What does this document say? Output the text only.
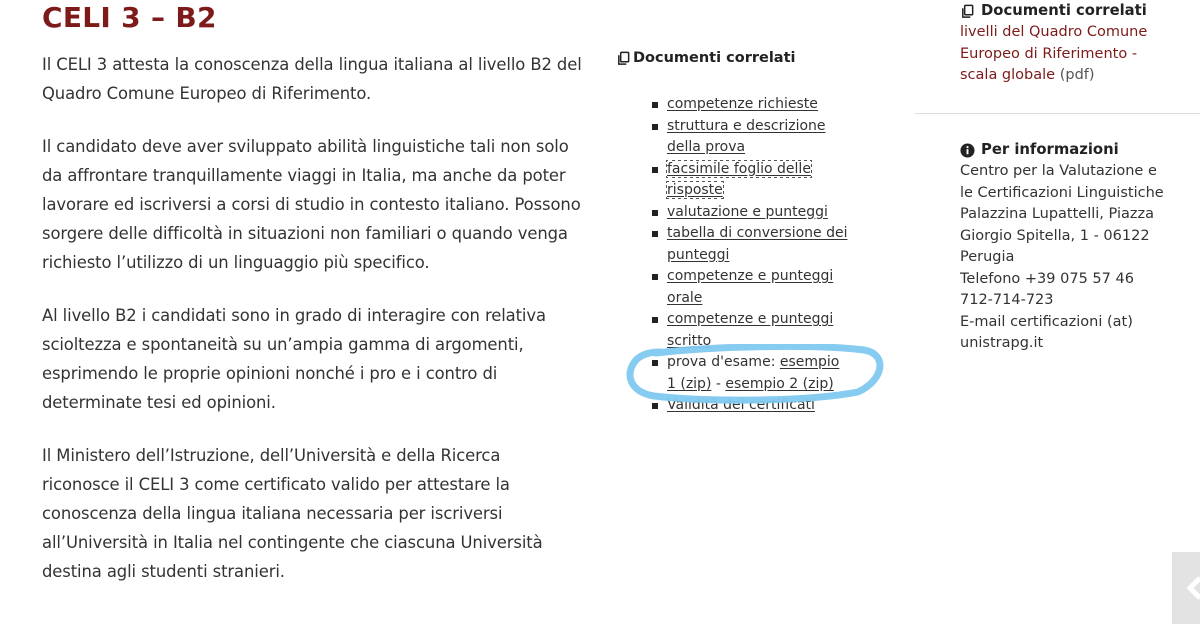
CELI 3 – B2

Il CELI 3 attesta la conoscenza della lingua italiana al livello B2 del Quadro Comune Europeo di Riferimento.

Il candidato deve aver sviluppato abilità linguistiche tali non solo da affrontare tranquillamente viaggi in Italia, ma anche da poter lavorare ed iscriversi a corsi di studio in contesto italiano. Possono sorgere delle difficoltà in situazioni non familiari o quando venga richiesto l’utilizzo di un linguaggio più specifico.

Al livello B2 i candidati sono in grado di interagire con relativa scioltezza e spontaneità su un’ampia gamma di argomenti, esprimendo le proprie opinioni nonché i pro e i contro di determinate tesi ed opinioni.

Il Ministero dell’Istruzione, dell’Università e della Ricerca riconosce il CELI 3 come certificato valido per attestare la conoscenza della lingua italiana necessaria per iscriversi all’Università in Italia nel contingente che ciascuna Università destina agli studenti stranieri.

Documenti correlati
competenze richieste
struttura e descrizione della prova
facsimile foglio delle risposte
valutazione e punteggi
tabella di conversione dei punteggi
competenze e punteggi orale
competenze e punteggi scritto
prova d'esame: esempio 1 (zip) - esempio 2 (zip)
Validità dei certificati
Documenti correlati
livelli del Quadro Comune
Europeo di Riferimento -
scala globale (pdf)
Per informazioni
Centro per la Valutazione e
le Certificazioni Linguistiche
Palazzina Lupattelli, Piazza
Giorgio Spitella, 1 - 06122
Perugia
Telefono +39 075 57 46
712-714-723
E-mail certificazioni (at)
unistrapg.it
